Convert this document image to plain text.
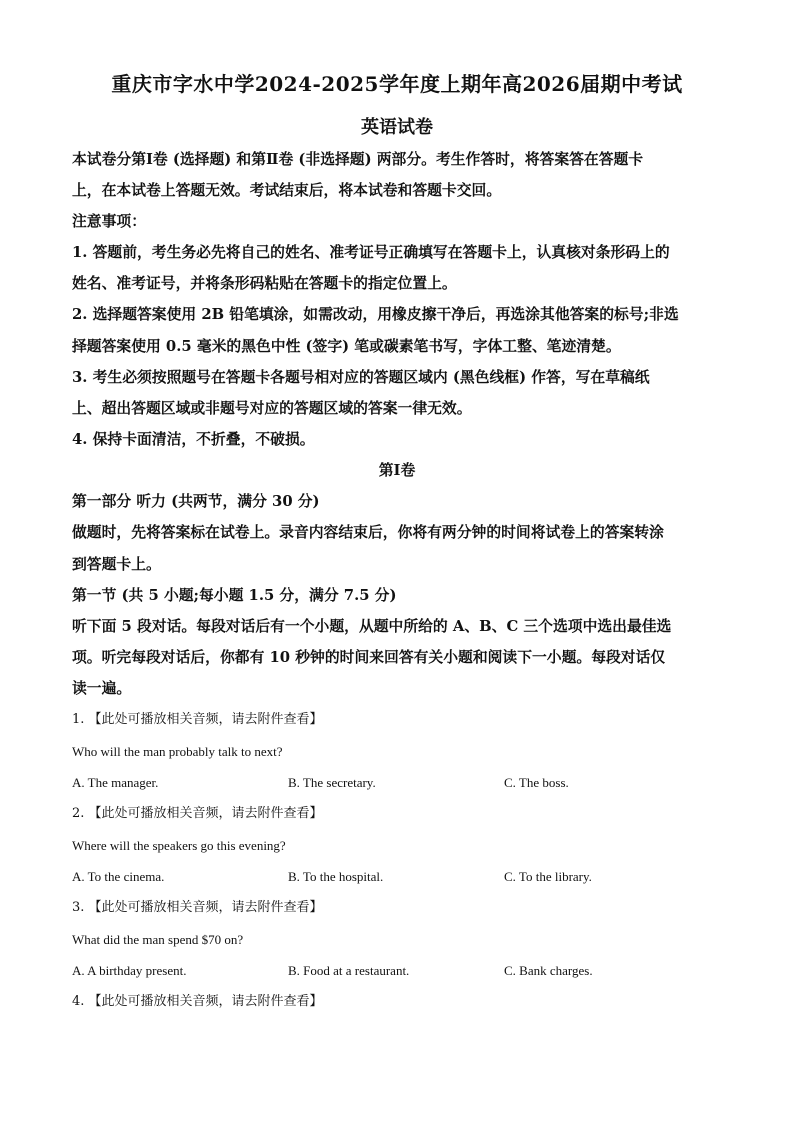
重庆市字水中学2024-2025学年度上期年高2026届期中考试
英语试卷
本试卷分第Ⅰ卷 (选择题) 和第Ⅱ卷 (非选择题) 两部分。考生作答时，将答案答在答题卡
上，在本试卷上答题无效。考试结束后，将本试卷和答题卡交回。
注意事项：
1. 答题前，考生务必先将自己的姓名、准考证号正确填写在答题卡上，认真核对条形码上的
姓名、准考证号，并将条形码粘贴在答题卡的指定位置上。
2. 选择题答案使用 2B 铅笔填涂，如需改动，用橡皮擦干净后，再选涂其他答案的标号;非选
择题答案使用 0.5 毫米的黑色中性 (签字) 笔或碳素笔书写，字体工整、笔迹清楚。
3. 考生必须按照题号在答题卡各题号相对应的答题区域内 (黑色线框) 作答，写在草稿纸
上、超出答题区域或非题号对应的答题区域的答案一律无效。
4. 保持卡面清洁，不折叠，不破损。
第I卷
第一部分 听力 (共两节，满分 30 分)
做题时，先将答案标在试卷上。录音内容结束后，你将有两分钟的时间将试卷上的答案转涂
到答题卡上。
第一节 (共 5 小题;每小题 1.5 分，满分 7.5 分)
听下面 5 段对话。每段对话后有一个小题，从题中所给的 A、B、C 三个选项中选出最佳选
项。听完每段对话后，你都有 10 秒钟的时间来回答有关小题和阅读下一小题。每段对话仅
读一遍。
1. 【此处可播放相关音频，请去附件查看】
Who will the man probably talk to next?
A. The manager.	B. The secretary.	C. The boss.
2. 【此处可播放相关音频，请去附件查看】
Where will the speakers go this evening?
A. To the cinema.	B. To the hospital.	C. To the library.
3. 【此处可播放相关音频，请去附件查看】
What did the man spend $70 on?
A. A birthday present.	B. Food at a restaurant.	C. Bank charges.
4. 【此处可播放相关音频，请去附件查看】
